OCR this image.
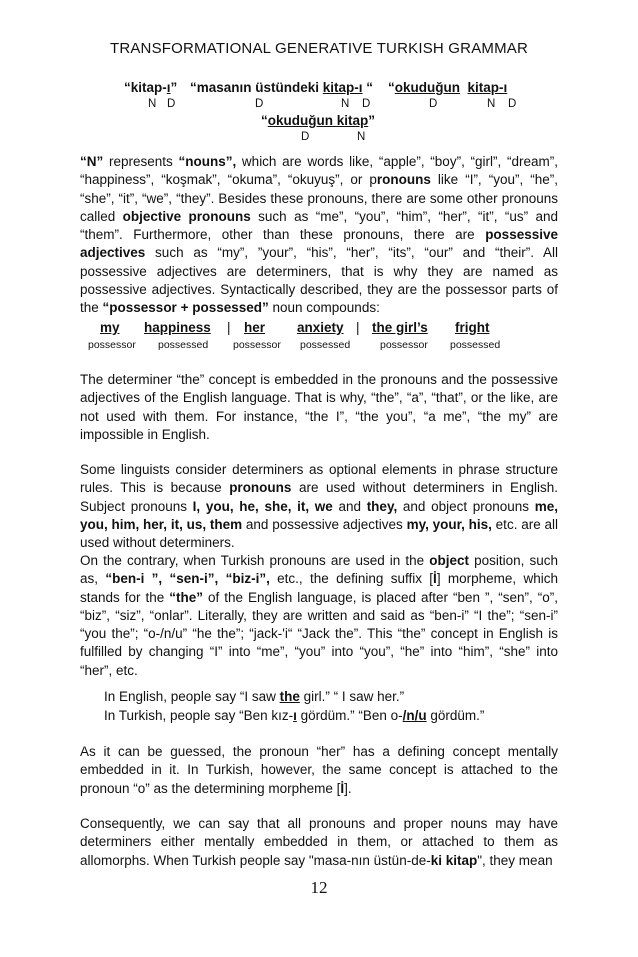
TRANSFORMATIONAL GENERATIVE TURKISH GRAMMAR
“kitap-ı” “masanın üstündeki kitap-ı “ “okuduğun kitap-ı
N D	D	N D	D	N D
“okuduğun kitap”
D	N

“N” represents “nouns”, which are words like, “apple”, “boy”, “girl”, “dream”, “happiness”, “koşmak”, “okuma”, “okuyuş”, or pronouns like “I”, “you”, “he”, “she”, “it”, “we”, “they”. Besides these pronouns, there are some other pronouns called objective pronouns such as “me”, “you”, “him”, “her”, “it”, “us” and “them”. Furthermore, other than these pronouns, there are possessive adjectives such as “my”, ”your”, “his”, “her”, “its”, “our” and “their”. All possessive adjectives are determiners, that is why they are named as possessive adjectives. Syntactically described, they are the possessor parts of the “possessor + possessed” noun compounds:

my happiness | her anxiety | the girl’s fright
possessor possessed possessor possessed	possessor possessed

The determiner “the” concept is embedded in the pronouns and the possessive adjectives of the English language. That is why, “the”, “a”, “that”, or the like, are not used with them. For instance, “the I”, “the you”, “a me”, “the my” are impossible in English.

Some linguists consider determiners as optional elements in phrase structure rules. This is because pronouns are used without determiners in English. Subject pronouns I, you, he, she, it, we and they, and object pronouns me, you, him, her, it, us, them and possessive adjectives my, your, his, etc. are all used without determiners.

On the contrary, when Turkish pronouns are used in the object position, such as, “ben-i ”, “sen-i”, “biz-i”, etc., the defining suffix [İ] morpheme, which stands for the “the” of the English language, is placed after “ben ”, “sen”, “o”, “biz”, “siz”, “onlar”. Literally, they are written and said as “ben-i” “I the”; “sen-i” “you the”; “o-/n/u” “he the”; “jack-'i“ “Jack the”. This “the” concept in English is fulfilled by changing “I” into “me”, “you” into “you”, “he” into “him”, “she” into “her”, etc.

In English, people say “I saw the girl.” “ I saw her.”
In Turkish, people say “Ben kız-ı gördüm.” “Ben o-/n/u gördüm.”

As it can be guessed, the pronoun “her” has a defining concept mentally embedded in it. In Turkish, however, the same concept is attached to the pronoun “o” as the determining morpheme [İ].

Consequently, we can say that all pronouns and proper nouns may have determiners either mentally embedded in them, or attached to them as allomorphs. When Turkish people say "masa-nın üstün-de-ki kitap", they mean

12
